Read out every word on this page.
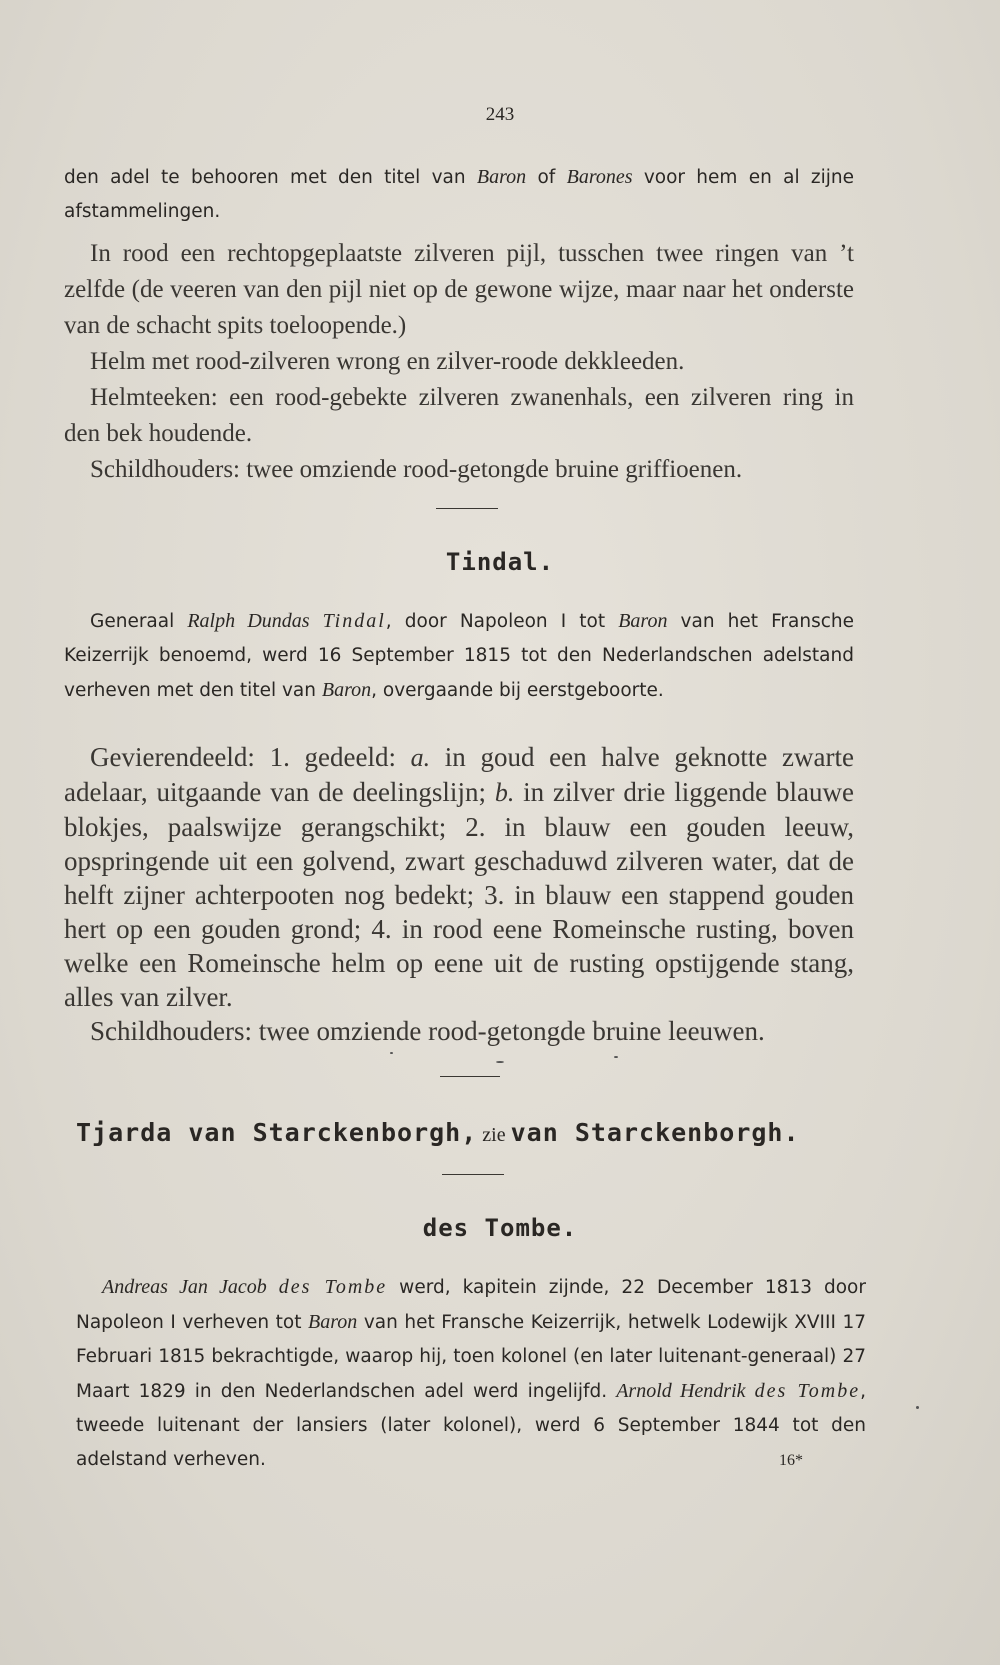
243

den adel te behooren met den titel van Baron of Barones voor hem en al zijne afstammelingen.

In rood een rechtopgeplaatste zilveren pijl, tusschen twee ringen van ’t zelfde (de veeren van den pijl niet op de gewone wijze, maar naar het onderste van de schacht spits toeloopende.)

Helm met rood-zilveren wrong en zilver-roode dekkleeden.

Helmteeken: een rood-gebekte zilveren zwanenhals, een zilveren ring in den bek houdende.

Schildhouders: twee omziende rood-getongde bruine griffioenen.

Tindal.

Generaal Ralph Dundas Tindal, door Napoleon I tot Baron van het Fransche Keizerrijk benoemd, werd 16 September 1815 tot den Nederlandschen adelstand verheven met den titel van Baron, overgaande bij eerstgeboorte.

Gevierendeeld: 1. gedeeld: a. in goud een halve geknotte zwarte adelaar, uitgaande van de deelingslijn; b. in zilver drie liggende blauwe blokjes, paalswijze gerangschikt; 2. in blauw een gouden leeuw, opspringende uit een golvend, zwart geschaduwd zilveren water, dat de helft zijner achterpooten nog bedekt; 3. in blauw een stappend gouden hert op een gouden grond; 4. in rood eene Romeinsche rusting, boven welke een Romeinsche helm op eene uit de rusting opstijgende stang, alles van zilver.

Schildhouders: twee omziende rood-getongde bruine leeuwen.

Tjarda van Starckenborgh, zie van Starckenborgh.
des Tombe.

Andreas Jan Jacob des Tombe werd, kapitein zijnde, 22 December 1813 door Napoleon I verheven tot Baron van het Fransche Keizerrijk, hetwelk Lodewijk XVIII 17 Februari 1815 bekrachtigde, waarop hij, toen kolonel (en later luitenant-generaal) 27 Maart 1829 in den Nederlandschen adel werd ingelijfd. Arnold Hendrik des Tombe, tweede luitenant der lansiers (later kolonel), werd 6 September 1844 tot den adelstand verheven.	16*
